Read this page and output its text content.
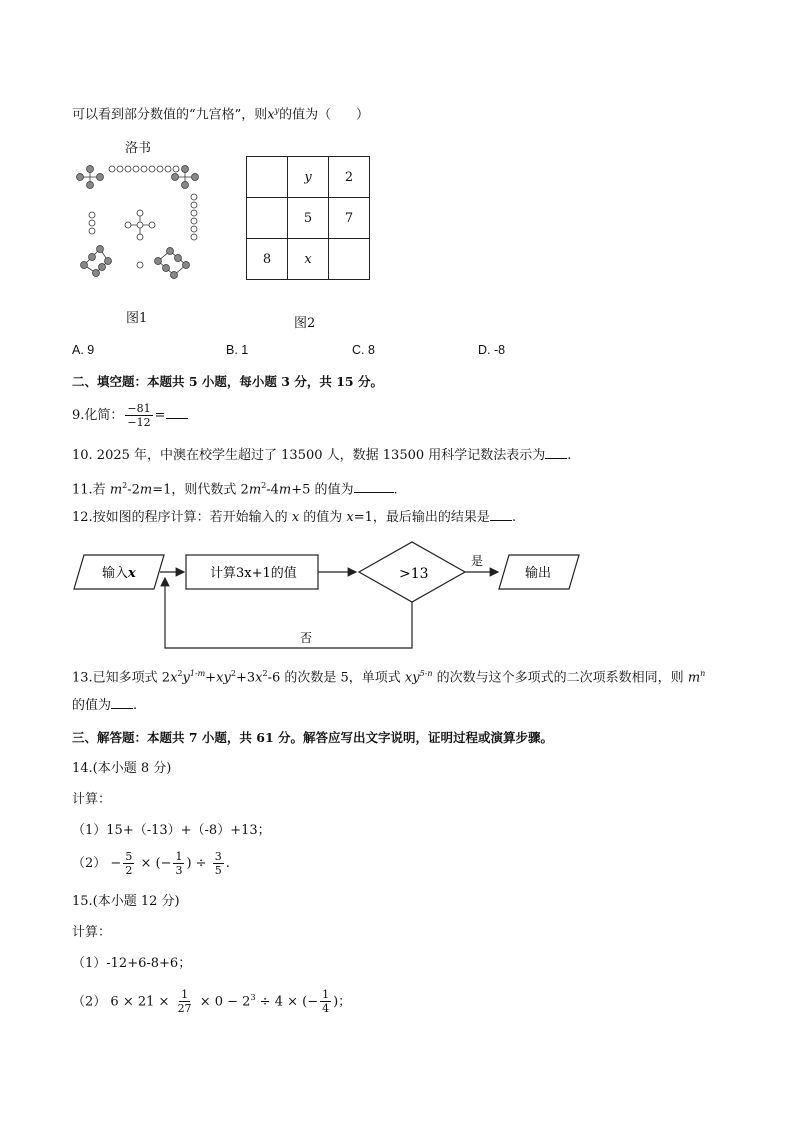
可以看到部分数值的“九宫格”，则$x^y$的值为（ ）
洛书
图1
	y	2
	5	7
8	x	
图2
A. 9	B. 1	C. 8	D. -8
二、填空题：本题共 5 小题，每小题 3 分，共 15 分。
9.化简： $\frac{-81}{-12}$ =
10. 2025 年，中澳在校学生超过了 13500 人，数据 13500 用科学记数法表示为 .
11.若 $m^2-2m=1$，则代数式 $2m^2-4m+5$ 的值为	.
12.按如图的程序计算：若开始输入的 x 的值为 x=1，最后输出的结果是 .
输入x	计算3x+1的值	>13
是
输出
否
13.已知多项式 $2x^2y^{1-m}+xy^2+3x^2-6$ 的次数是 5，单项式 $xy^{5-n}$ 的次数与这个多项式的二次项系数相同，则 $m^n$
的值为 .
三、解答题：本题共 7 小题，共 61 分。解答应写出文字说明，证明过程或演算步骤。
14.(本小题 8 分)
计算：
（1）15+（-13）+（-8）+13；
$(2) - \frac{5}{2}$ × (− $\frac{1}{3}$ ) ÷ $\frac{3}{5}$ .
15.(本小题 12 分)
计算：
（1）-12+6-8+6；
（2） $6 \times 21 \times \frac{1}{27} \times 0 - 2^3 \div 4$ × (− $\frac{1}{4}$ )；
